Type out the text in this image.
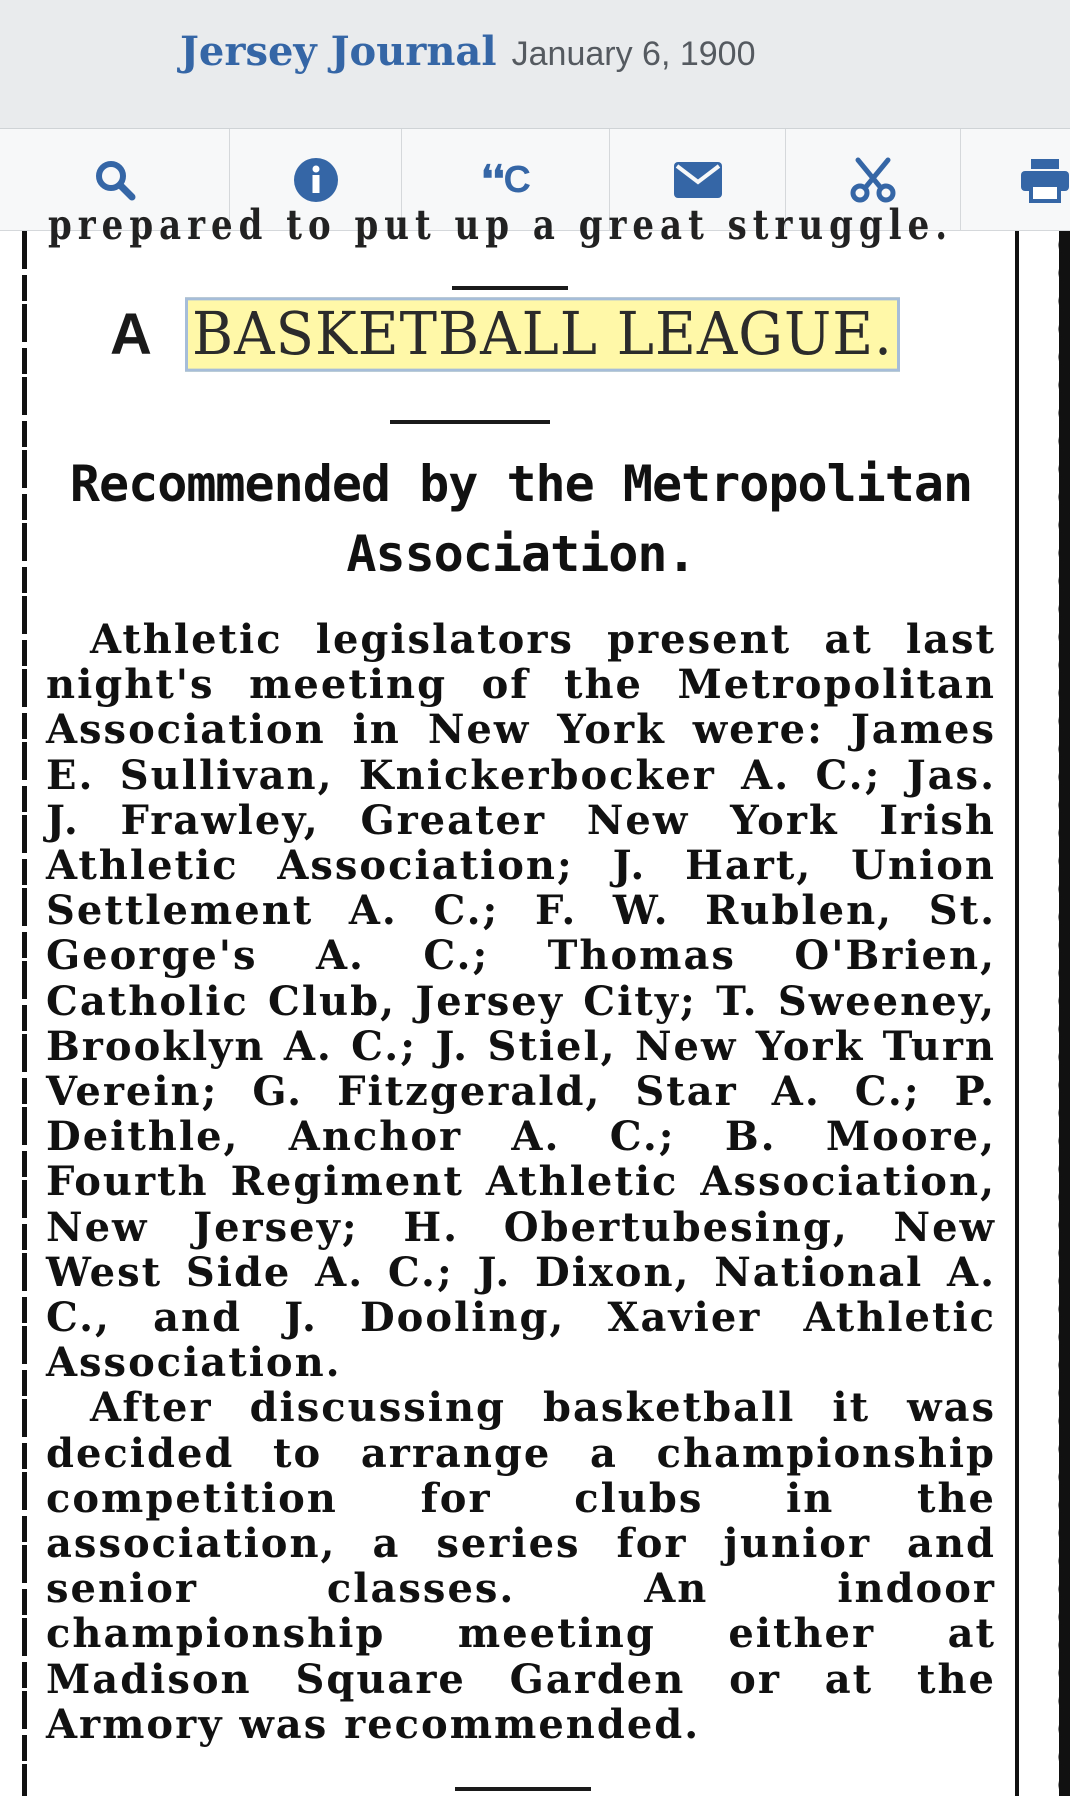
Jersey Journal January 6, 1900
❛❛C
prepared to put up a great struggle.
A BASKETBALL LEAGUE.
Recommended by the Metropolitan Association.

Athletic legislators present at last night's meeting of the Metropolitan Association in New York were: James E. Sullivan, Knickerbocker A. C.; Jas. J. Frawley, Greater New York Irish Athletic Association; J. Hart, Union Settlement A. C.; F. W. Rublen, St. George's A. C.; Thomas O'Brien, Catholic Club, Jersey City; T. Sweeney, Brooklyn A. C.; J. Stiel, New York Turn Verein; G. Fitzgerald, Star A. C.; P. Deithle, Anchor A. C.; B. Moore, Fourth Regiment Athletic Association, New Jersey; H. Obertubesing, New West Side A. C.; J. Dixon, National A. C., and J. Dooling, Xavier Athletic Association.

After discussing basketball it was decided to arrange a championship competition for clubs in the association, a series for junior and senior classes. An indoor championship meeting either at Madison Square Garden or at the Armory was recommended.
